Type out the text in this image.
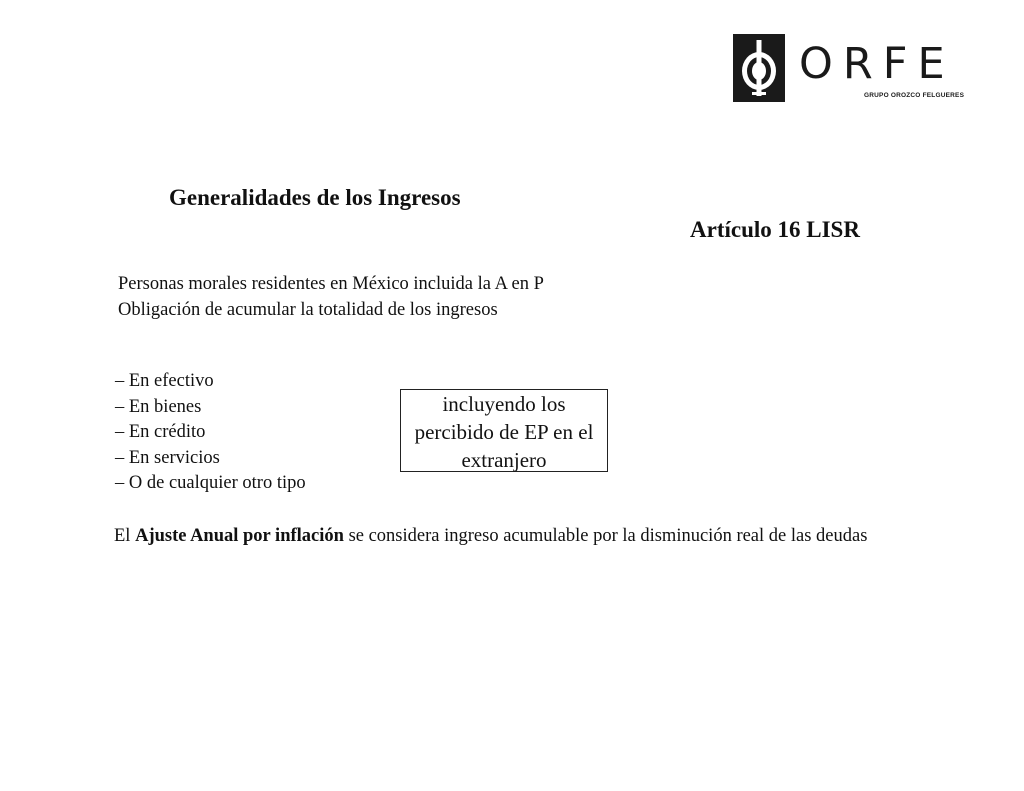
ORFE
GRUPO OROZCO FELGUERES
Generalidades de los Ingresos
Artículo 16 LISR
Personas morales residentes en México incluida la A en P
Obligación de acumular la totalidad de los ingresos
– En efectivo
– En bienes
– En crédito
– En servicios
– O de cualquier otro tipo
incluyendo los
percibido de EP en el
extranjero
El Ajuste Anual por inflación se considera ingreso acumulable por la disminución real de las deudas
